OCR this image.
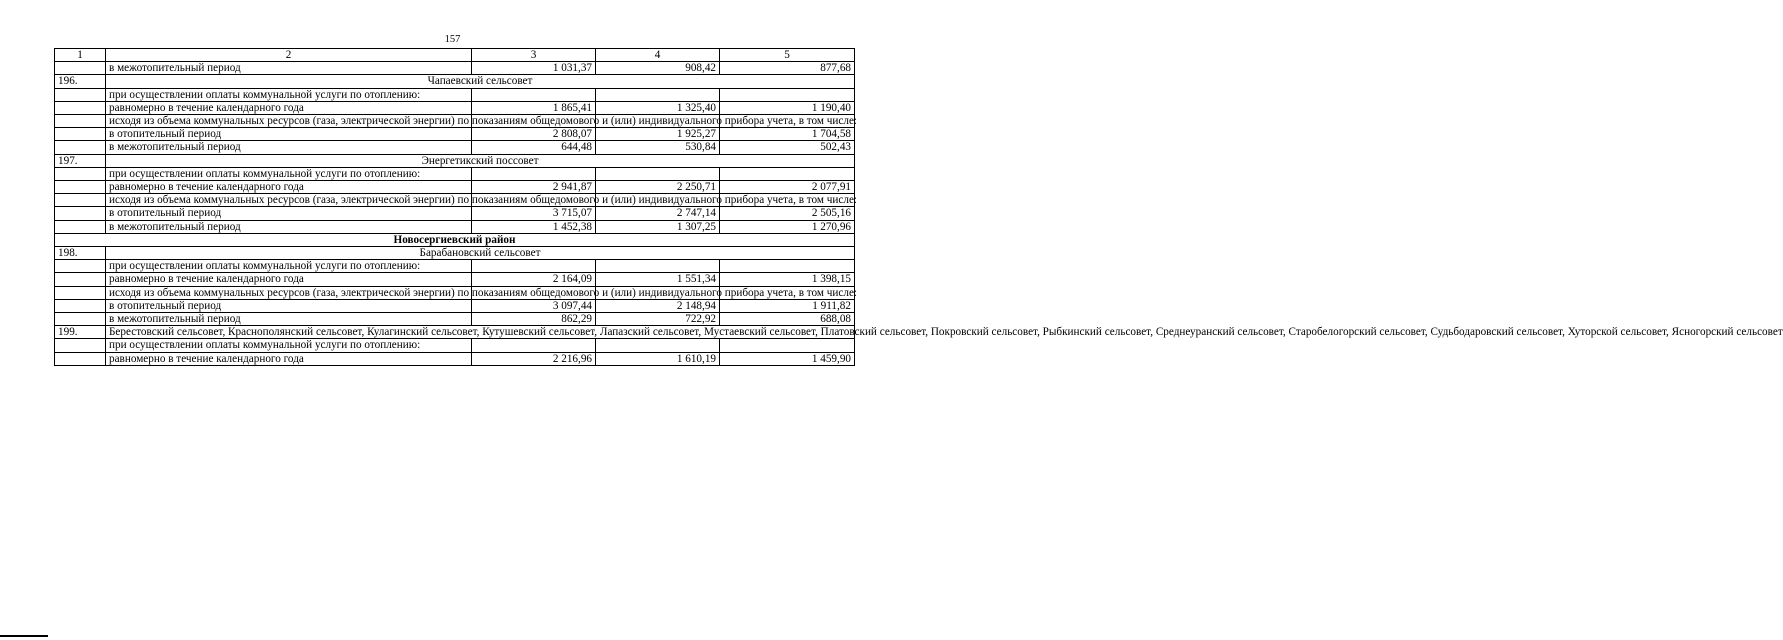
157
1	2	3	4	5
	в межотопительный период	1 031,37	908,42	877,68
196.	Чапаевский сельсовет			
	при осуществлении оплаты коммунальной услуги по отоплению:			
	равномерно в течение календарного года	1 865,41	1 325,40	1 190,40
	исходя из объема коммунальных ресурсов (газа, электрической энергии) по показаниям общедомового и (или) индивидуального прибора учета, в том числе:			
	в отопительный период	2 808,07	1 925,27	1 704,58
	в межотопительный период	644,48	530,84	502,43
197.	Энергетикский поссовет			
	при осуществлении оплаты коммунальной услуги по отоплению:			
	равномерно в течение календарного года	2 941,87	2 250,71	2 077,91
	исходя из объема коммунальных ресурсов (газа, электрической энергии) по показаниям общедомового и (или) индивидуального прибора учета, в том числе:			
	в отопительный период	3 715,07	2 747,14	2 505,16
	в межотопительный период	1 452,38	1 307,25	1 270,96
Новосергиевский район				
198.	Барабановский сельсовет			
	при осуществлении оплаты коммунальной услуги по отоплению:			
	равномерно в течение календарного года	2 164,09	1 551,34	1 398,15
	исходя из объема коммунальных ресурсов (газа, электрической энергии) по показаниям общедомового и (или) индивидуального прибора учета, в том числе:			
	в отопительный период	3 097,44	2 148,94	1 911,82
	в межотопительный период	862,29	722,92	688,08
199.	Берестовский сельсовет, Краснополянский сельсовет, Кулагинский сельсовет, Кутушевский сельсовет, Лапазский сельсовет, Мустаевский сельсовет, Платовский сельсовет, Покровский сельсовет, Рыбкинский сельсовет, Среднеуранский сельсовет, Старобелогорский сельсовет, Судьбодаровский сельсовет, Хуторской сельсовет, Ясногорский сельсовет			
	при осуществлении оплаты коммунальной услуги по отоплению:			
	равномерно в течение календарного года	2 216,96	1 610,19	1 459,90
